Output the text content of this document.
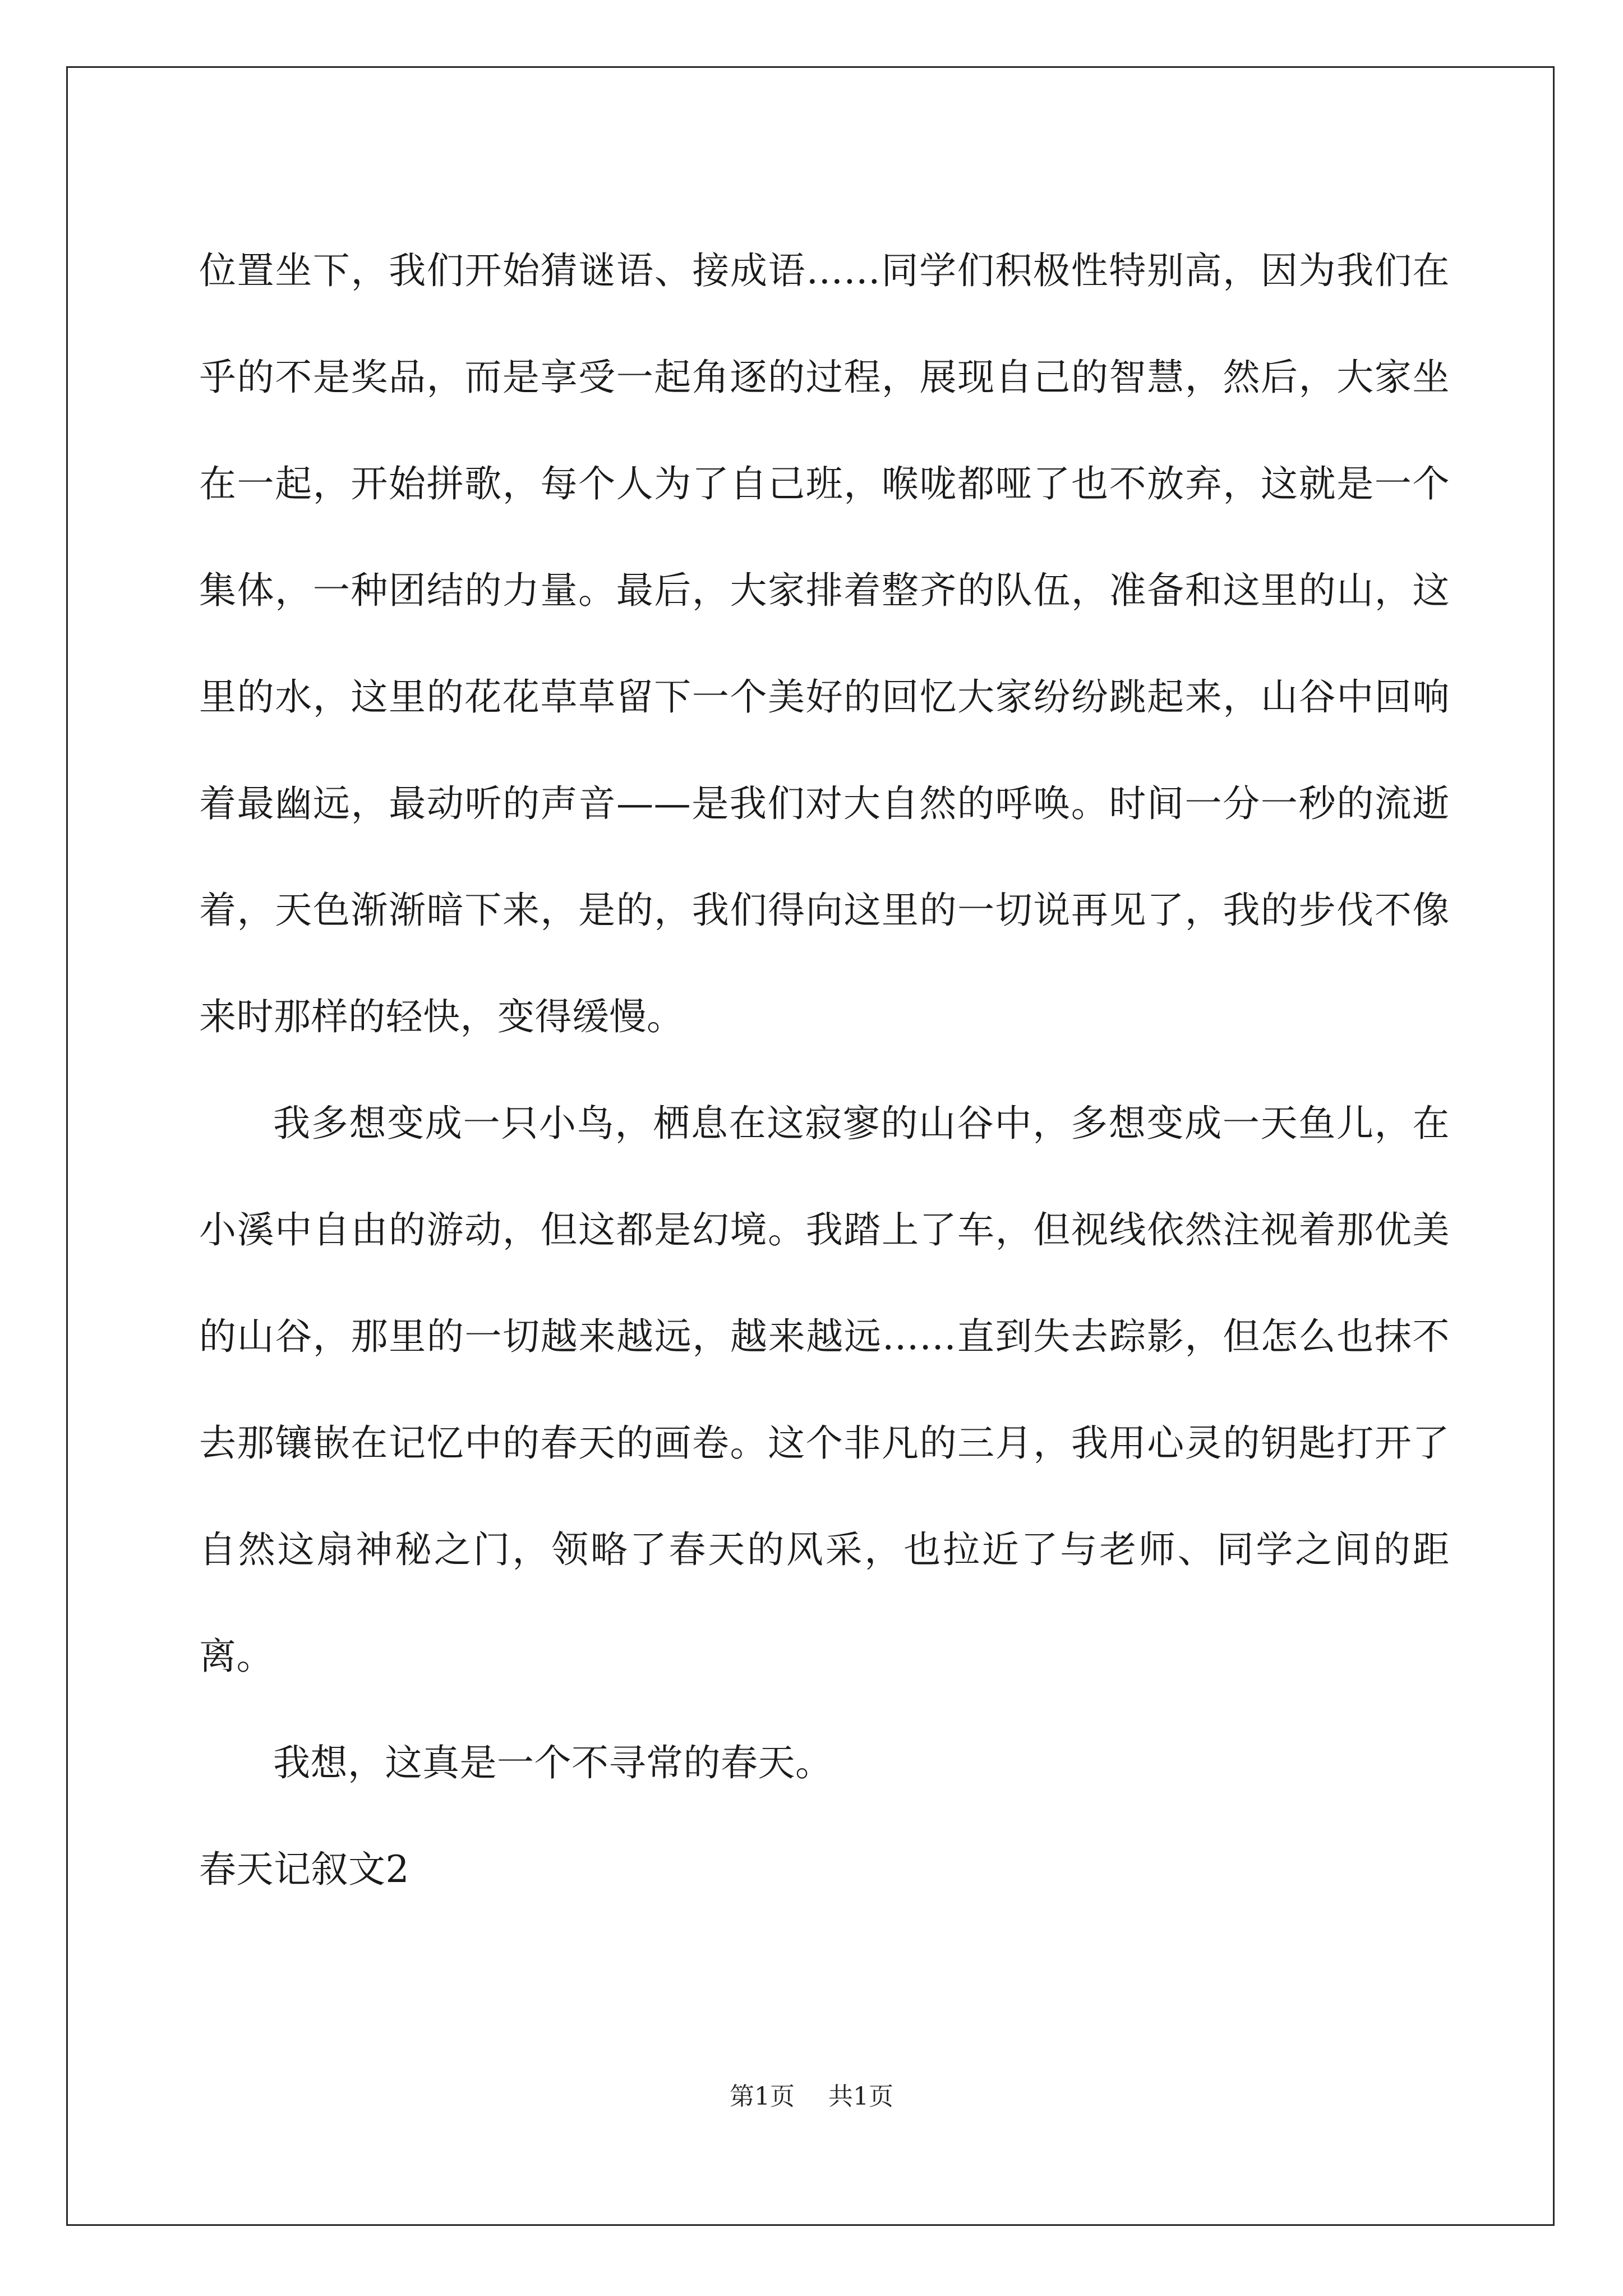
位置坐下，我们开始猜谜语、接成语……同学们积极性特别高，因为我们在乎的不是奖品，而是享受一起角逐的过程，展现自己的智慧，然后，大家坐在一起，开始拼歌，每个人为了自己班，喉咙都哑了也不放弃，这就是一个集体，一种团结的力量。最后，大家排着整齐的队伍，准备和这里的山，这里的水，这里的花花草草留下一个美好的回忆大家纷纷跳起来，山谷中回响着最幽远，最动听的声音——是我们对大自然的呼唤。时间一分一秒的流逝着，天色渐渐暗下来，是的，我们得向这里的一切说再见了，我的步伐不像来时那样的轻快，变得缓慢。

我多想变成一只小鸟，栖息在这寂寥的山谷中，多想变成一天鱼儿，在小溪中自由的游动，但这都是幻境。我踏上了车，但视线依然注视着那优美的山谷，那里的一切越来越远，越来越远……直到失去踪影，但怎么也抹不去那镶嵌在记忆中的春天的画卷。这个非凡的三月，我用心灵的钥匙打开了自然这扇神秘之门，领略了春天的风采，也拉近了与老师、同学之间的距离。

我想，这真是一个不寻常的春天。

春天记叙文2

第1页 共1页
